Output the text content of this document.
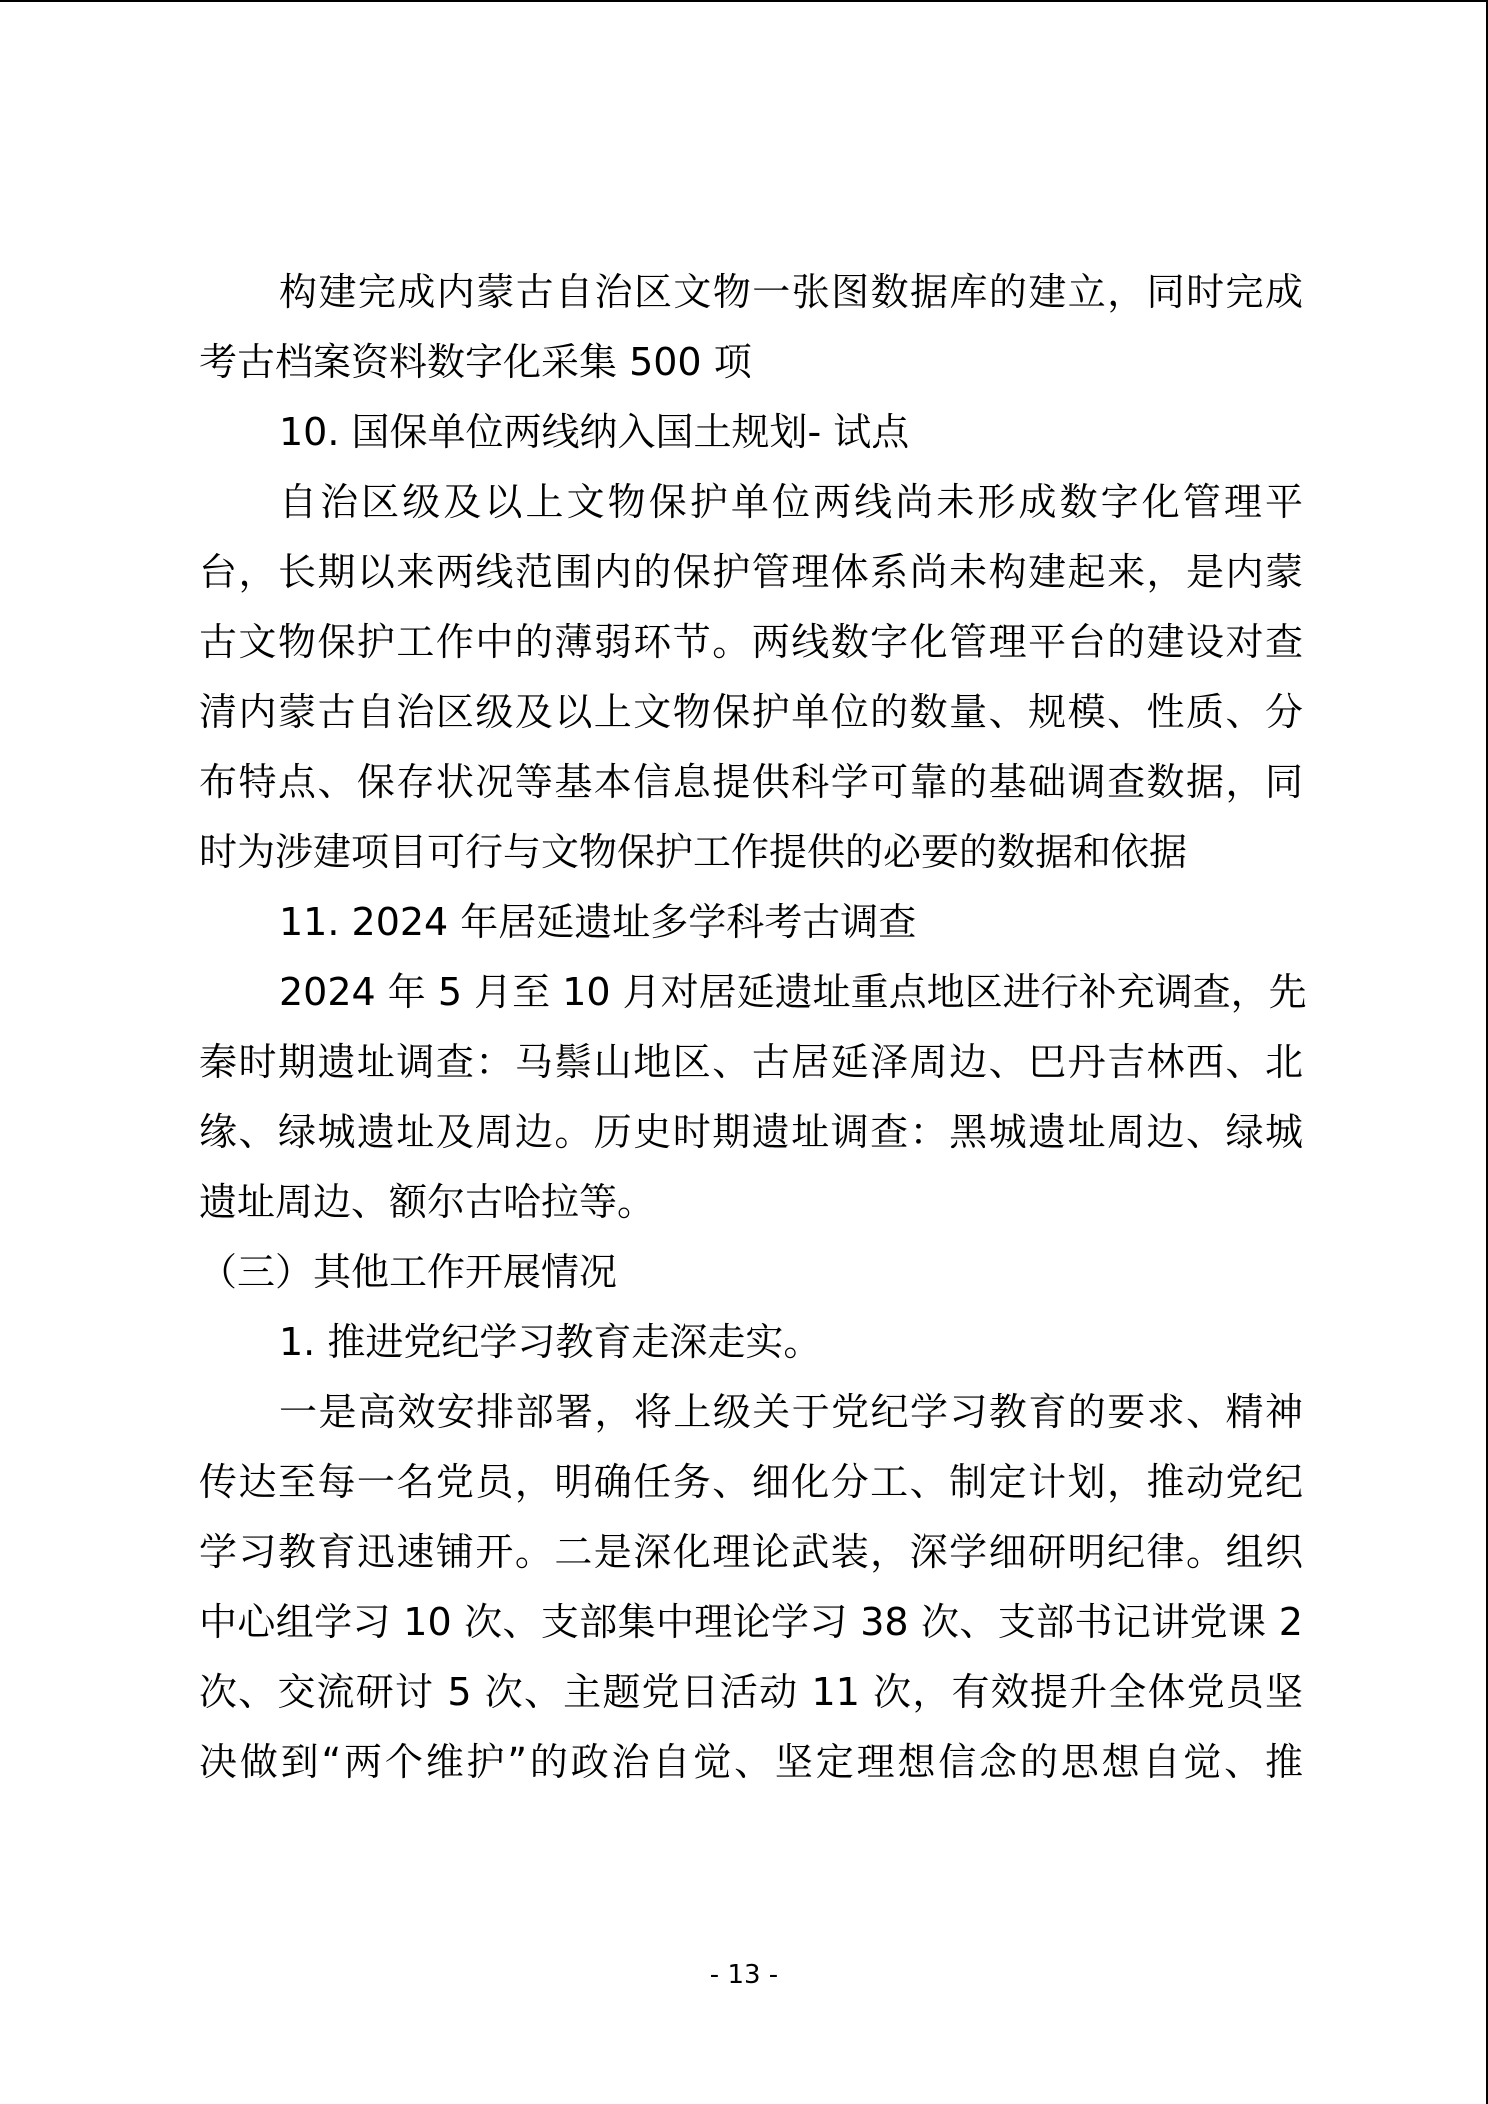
构建完成内蒙古自治区文物一张图数据库的建立，同时完成
考古档案资料数字化采集 500 项
10. 国保单位两线纳入国土规划- 试点
自治区级及以上文物保护单位两线尚未形成数字化管理平
台，长期以来两线范围内的保护管理体系尚未构建起来，是内蒙
古文物保护工作中的薄弱环节。两线数字化管理平台的建设对查
清内蒙古自治区级及以上文物保护单位的数量、规模、性质、分
布特点、保存状况等基本信息提供科学可靠的基础调查数据，同
时为涉建项目可行与文物保护工作提供的必要的数据和依据
11. 2024 年居延遗址多学科考古调查
2024 年 5 月至 10 月对居延遗址重点地区进行补充调查，先
秦时期遗址调查：马鬃山地区、古居延泽周边、巴丹吉林西、北
缘、绿城遗址及周边。历史时期遗址调查：黑城遗址周边、绿城
遗址周边、额尔古哈拉等。
（三）其他工作开展情况
1. 推进党纪学习教育走深走实。
一是高效安排部署，将上级关于党纪学习教育的要求、精神
传达至每一名党员，明确任务、细化分工、制定计划，推动党纪
学习教育迅速铺开。二是深化理论武装，深学细研明纪律。组织
中心组学习 10 次、支部集中理论学习 38 次、支部书记讲党课 2
次、交流研讨 5 次、主题党日活动 11 次，有效提升全体党员坚
决做到“两个维护”的政治自觉、坚定理想信念的思想自觉、推
- 13 -
